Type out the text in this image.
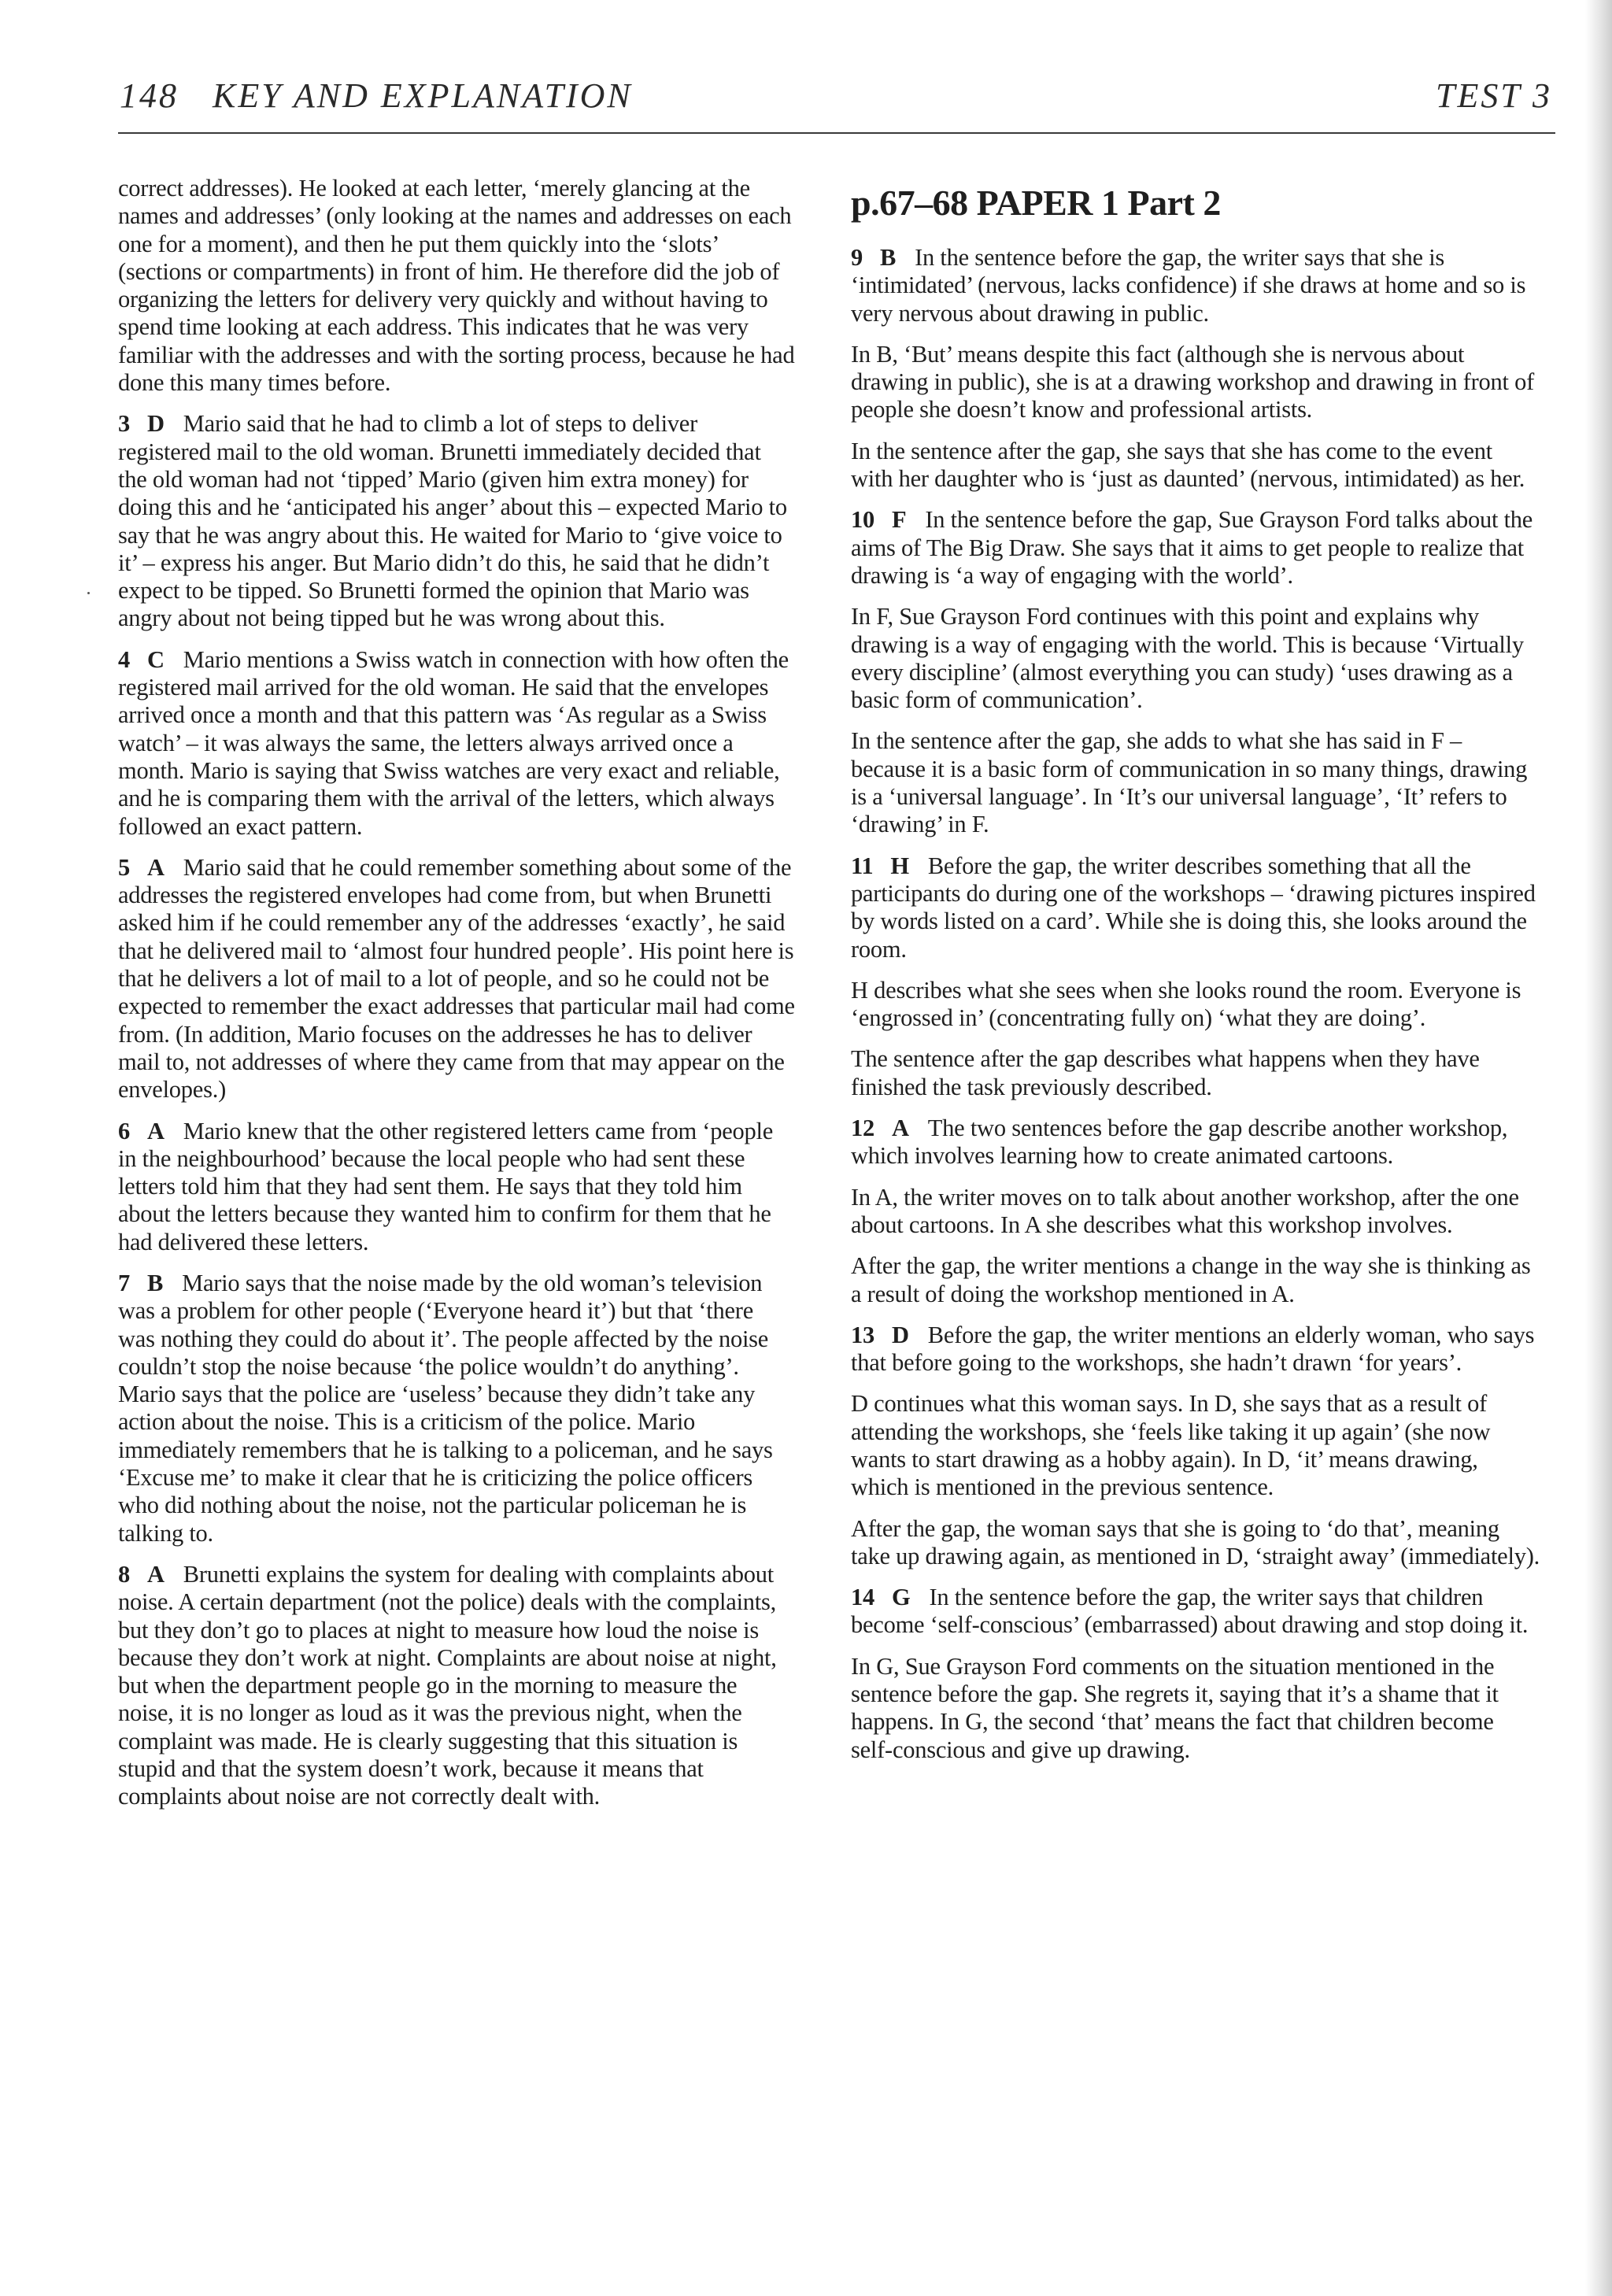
148 KEY AND EXPLANATION	TEST 3

correct addresses). He looked at each letter, ‘merely glancing at the names and addresses’ (only looking at the names and addresses on each one for a moment), and then he put them quickly into the ‘slots’ (sections or compartments) in front of him. He therefore did the job of organizing the letters for delivery very quickly and without having to spend time looking at each address. This indicates that he was very familiar with the addresses and with the sorting process, because he had done this many times before.

3 D Mario said that he had to climb a lot of steps to deliver registered mail to the old woman. Brunetti immediately decided that the old woman had not ‘tipped’ Mario (given him extra money) for doing this and he ‘anticipated his anger’ about this – expected Mario to say that he was angry about this. He waited for Mario to ‘give voice to it’ – express his anger. But Mario didn’t do this, he said that he didn’t expect to be tipped. So Brunetti formed the opinion that Mario was angry about not being tipped but he was wrong about this.

4 C Mario mentions a Swiss watch in connection with how often the registered mail arrived for the old woman. He said that the envelopes arrived once a month and that this pattern was ‘As regular as a Swiss watch’ – it was always the same, the letters always arrived once a month. Mario is saying that Swiss watches are very exact and reliable, and he is comparing them with the arrival of the letters, which always followed an exact pattern.

5 A Mario said that he could remember something about some of the addresses the registered envelopes had come from, but when Brunetti asked him if he could remember any of the addresses ‘exactly’, he said that he delivered mail to ‘almost four hundred people’. His point here is that he delivers a lot of mail to a lot of people, and so he could not be expected to remember the exact addresses that particular mail had come from. (In addition, Mario focuses on the addresses he has to deliver mail to, not addresses of where they came from that may appear on the envelopes.)

6 A Mario knew that the other registered letters came from ‘people in the neighbourhood’ because the local people who had sent these letters told him that they had sent them. He says that they told him about the letters because they wanted him to confirm for them that he had delivered these letters.

7 B Mario says that the noise made by the old woman’s television was a problem for other people (‘Everyone heard it’) but that ‘there was nothing they could do about it’. The people affected by the noise couldn’t stop the noise because ‘the police wouldn’t do anything’. Mario says that the police are ‘useless’ because they didn’t take any action about the noise. This is a criticism of the police. Mario immediately remembers that he is talking to a policeman, and he says ‘Excuse me’ to make it clear that he is criticizing the police officers who did nothing about the noise, not the particular policeman he is talking to.

8 A Brunetti explains the system for dealing with complaints about noise. A certain department (not the police) deals with the complaints, but they don’t go to places at night to measure how loud the noise is because they don’t work at night. Complaints are about noise at night, but when the department people go in the morning to measure the noise, it is no longer as loud as it was the previous night, when the complaint was made. He is clearly suggesting that this situation is stupid and that the system doesn’t work, because it means that complaints about noise are not correctly dealt with.

p.67–68 PAPER 1 Part 2

9 B In the sentence before the gap, the writer says that she is ‘intimidated’ (nervous, lacks confidence) if she draws at home and so is very nervous about drawing in public.

In B, ‘But’ means despite this fact (although she is nervous about drawing in public), she is at a drawing workshop and drawing in front of people she doesn’t know and professional artists.

In the sentence after the gap, she says that she has come to the event with her daughter who is ‘just as daunted’ (nervous, intimidated) as her.

10 F In the sentence before the gap, Sue Grayson Ford talks about the aims of The Big Draw. She says that it aims to get people to realize that drawing is ‘a way of engaging with the world’.

In F, Sue Grayson Ford continues with this point and explains why drawing is a way of engaging with the world. This is because ‘Virtually every discipline’ (almost everything you can study) ‘uses drawing as a basic form of communication’.

In the sentence after the gap, she adds to what she has said in F – because it is a basic form of communication in so many things, drawing is a ‘universal language’. In ‘It’s our universal language’, ‘It’ refers to ‘drawing’ in F.

11 H Before the gap, the writer describes something that all the participants do during one of the workshops – ‘drawing pictures inspired by words listed on a card’. While she is doing this, she looks around the room.

H describes what she sees when she looks round the room. Everyone is ‘engrossed in’ (concentrating fully on) ‘what they are doing’.

The sentence after the gap describes what happens when they have finished the task previously described.

12 A The two sentences before the gap describe another workshop, which involves learning how to create animated cartoons.

In A, the writer moves on to talk about another workshop, after the one about cartoons. In A she describes what this workshop involves.

After the gap, the writer mentions a change in the way she is thinking as a result of doing the workshop mentioned in A.

13 D Before the gap, the writer mentions an elderly woman, who says that before going to the workshops, she hadn’t drawn ‘for years’.

D continues what this woman says. In D, she says that as a result of attending the workshops, she ‘feels like taking it up again’ (she now wants to start drawing as a hobby again). In D, ‘it’ means drawing, which is mentioned in the previous sentence.

After the gap, the woman says that she is going to ‘do that’, meaning take up drawing again, as mentioned in D, ‘straight away’ (immediately).

14 G In the sentence before the gap, the writer says that children become ‘self-conscious’ (embarrassed) about drawing and stop doing it.

In G, Sue Grayson Ford comments on the situation mentioned in the sentence before the gap. She regrets it, saying that it’s a shame that it happens. In G, the second ‘that’ means the fact that children become self-conscious and give up drawing.
